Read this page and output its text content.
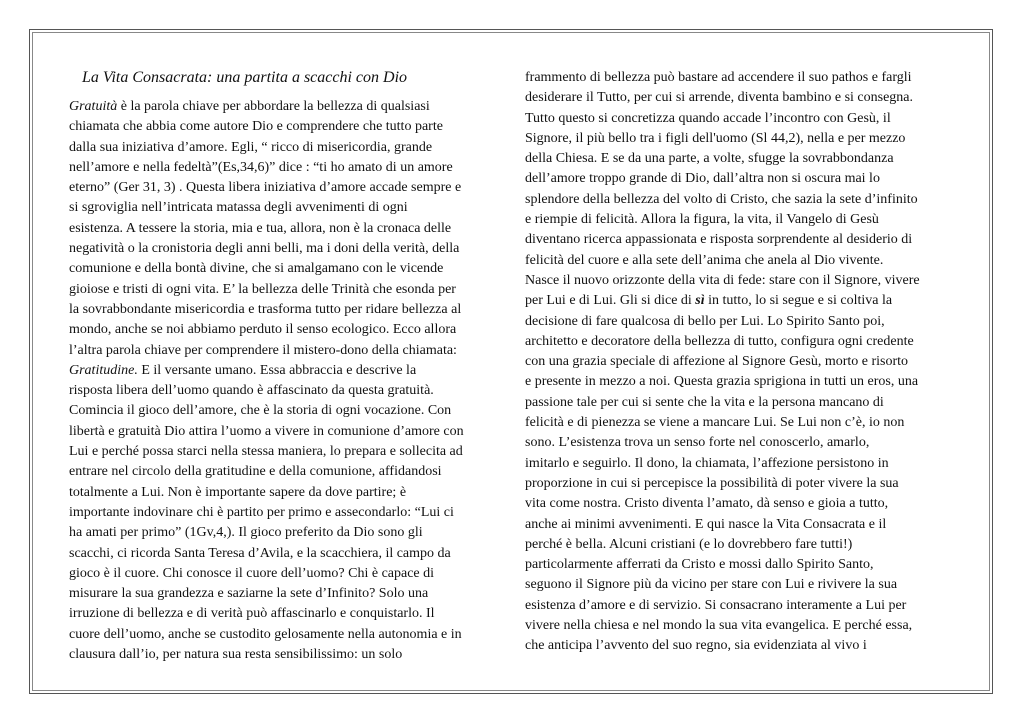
La Vita Consacrata: una partita a scacchi con Dio
Gratuità è la parola chiave per abbordare la bellezza di qualsiasi
chiamata che abbia come autore Dio e comprendere che tutto parte
dalla sua iniziativa d’amore. Egli, “ ricco di misericordia, grande
nell’amore e nella fedeltà”(Es,34,6)” dice : “ti ho amato di un amore
eterno” (Ger 31, 3) . Questa libera iniziativa d’amore accade sempre e
si sgroviglia nell’intricata matassa degli avvenimenti di ogni
esistenza. A tessere la storia, mia e tua, allora, non è la cronaca delle
negatività o la cronistoria degli anni belli, ma i doni della verità, della
comunione e della bontà divine, che si amalgamano con le vicende
gioiose e tristi di ogni vita. E’ la bellezza delle Trinità che esonda per
la sovrabbondante misericordia e trasforma tutto per ridare bellezza al
mondo, anche se noi abbiamo perduto il senso ecologico. Ecco allora
l’altra parola chiave per comprendere il mistero-dono della chiamata:
Gratitudine. E il versante umano. Essa abbraccia e descrive la
risposta libera dell’uomo quando è affascinato da questa gratuità.
Comincia il gioco dell’amore, che è la storia di ogni vocazione. Con
libertà e gratuità Dio attira l’uomo a vivere in comunione d’amore con
Lui e perché possa starci nella stessa maniera, lo prepara e sollecita ad
entrare nel circolo della gratitudine e della comunione, affidandosi
totalmente a Lui. Non è importante sapere da dove partire; è
importante indovinare chi è partito per primo e assecondarlo: “Lui ci
ha amati per primo” (1Gv,4,). Il gioco preferito da Dio sono gli
scacchi, ci ricorda Santa Teresa d’Avila, e la scacchiera, il campo da
gioco è il cuore. Chi conosce il cuore dell’uomo? Chi è capace di
misurare la sua grandezza e saziarne la sete d’Infinito? Solo una
irruzione di bellezza e di verità può affascinarlo e conquistarlo. Il
cuore dell’uomo, anche se custodito gelosamente nella autonomia e in
clausura dall’io, per natura sua resta sensibilissimo: un solo
frammento di bellezza può bastare ad accendere il suo pathos e fargli
desiderare il Tutto, per cui si arrende, diventa bambino e si consegna.
Tutto questo si concretizza quando accade l’incontro con Gesù, il
Signore, il più bello tra i figli dell'uomo (Sl 44,2), nella e per mezzo
della Chiesa. E se da una parte, a volte, sfugge la sovrabbondanza
dell’amore troppo grande di Dio, dall’altra non si oscura mai lo
splendore della bellezza del volto di Cristo, che sazia la sete d’infinito
e riempie di felicità. Allora la figura, la vita, il Vangelo di Gesù
diventano ricerca appassionata e risposta sorprendente al desiderio di
felicità del cuore e alla sete dell’anima che anela al Dio vivente.
Nasce il nuovo orizzonte della vita di fede: stare con il Signore, vivere
per Lui e di Lui. Gli si dice di sì in tutto, lo si segue e si coltiva la
decisione di fare qualcosa di bello per Lui. Lo Spirito Santo poi,
architetto e decoratore della bellezza di tutto, configura ogni credente
con una grazia speciale di affezione al Signore Gesù, morto e risorto
e presente in mezzo a noi. Questa grazia sprigiona in tutti un eros, una
passione tale per cui si sente che la vita e la persona mancano di
felicità e di pienezza se viene a mancare Lui. Se Lui non c’è, io non
sono. L’esistenza trova un senso forte nel conoscerlo, amarlo,
imitarlo e seguirlo. Il dono, la chiamata, l’affezione persistono in
proporzione in cui si percepisce la possibilità di poter vivere la sua
vita come nostra. Cristo diventa l’amato, dà senso e gioia a tutto,
anche ai minimi avvenimenti. E qui nasce la Vita Consacrata e il
perché è bella. Alcuni cristiani (e lo dovrebbero fare tutti!)
particolarmente afferrati da Cristo e mossi dallo Spirito Santo,
seguono il Signore più da vicino per stare con Lui e rivivere la sua
esistenza d’amore e di servizio. Si consacrano interamente a Lui per
vivere nella chiesa e nel mondo la sua vita evangelica. E perché essa,
che anticipa l’avvento del suo regno, sia evidenziata al vivo i
